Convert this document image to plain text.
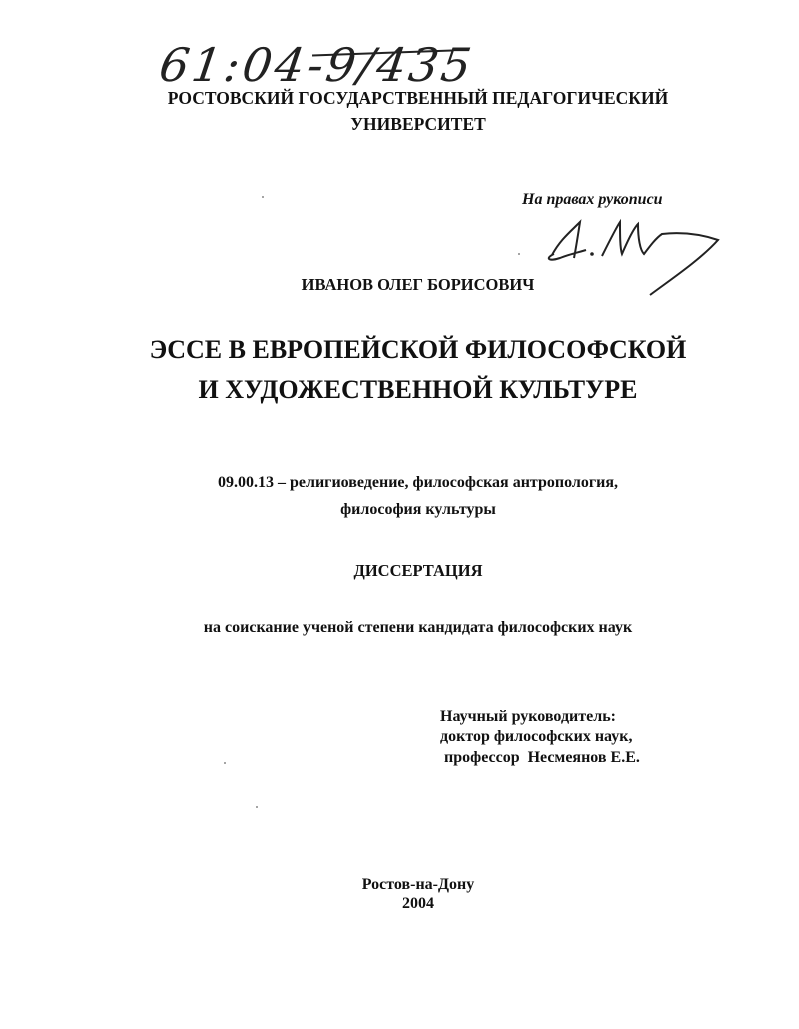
61:04-9/435
РОСТОВСКИЙ ГОСУДАРСТВЕННЫЙ ПЕДАГОГИЧЕСКИЙ
УНИВЕРСИТЕТ
На правах рукописи
ИВАНОВ ОЛЕГ БОРИСОВИЧ
ЭССЕ В ЕВРОПЕЙСКОЙ ФИЛОСОФСКОЙ
И ХУДОЖЕСТВЕННОЙ КУЛЬТУРЕ
09.00.13 – религиоведение, философская антропология,
философия культуры
ДИССЕРТАЦИЯ
на соискание ученой степени кандидата философских наук
Научный руководитель:
доктор философских наук,
профессор  Несмеянов Е.Е.
Ростов-на-Дону
2004
